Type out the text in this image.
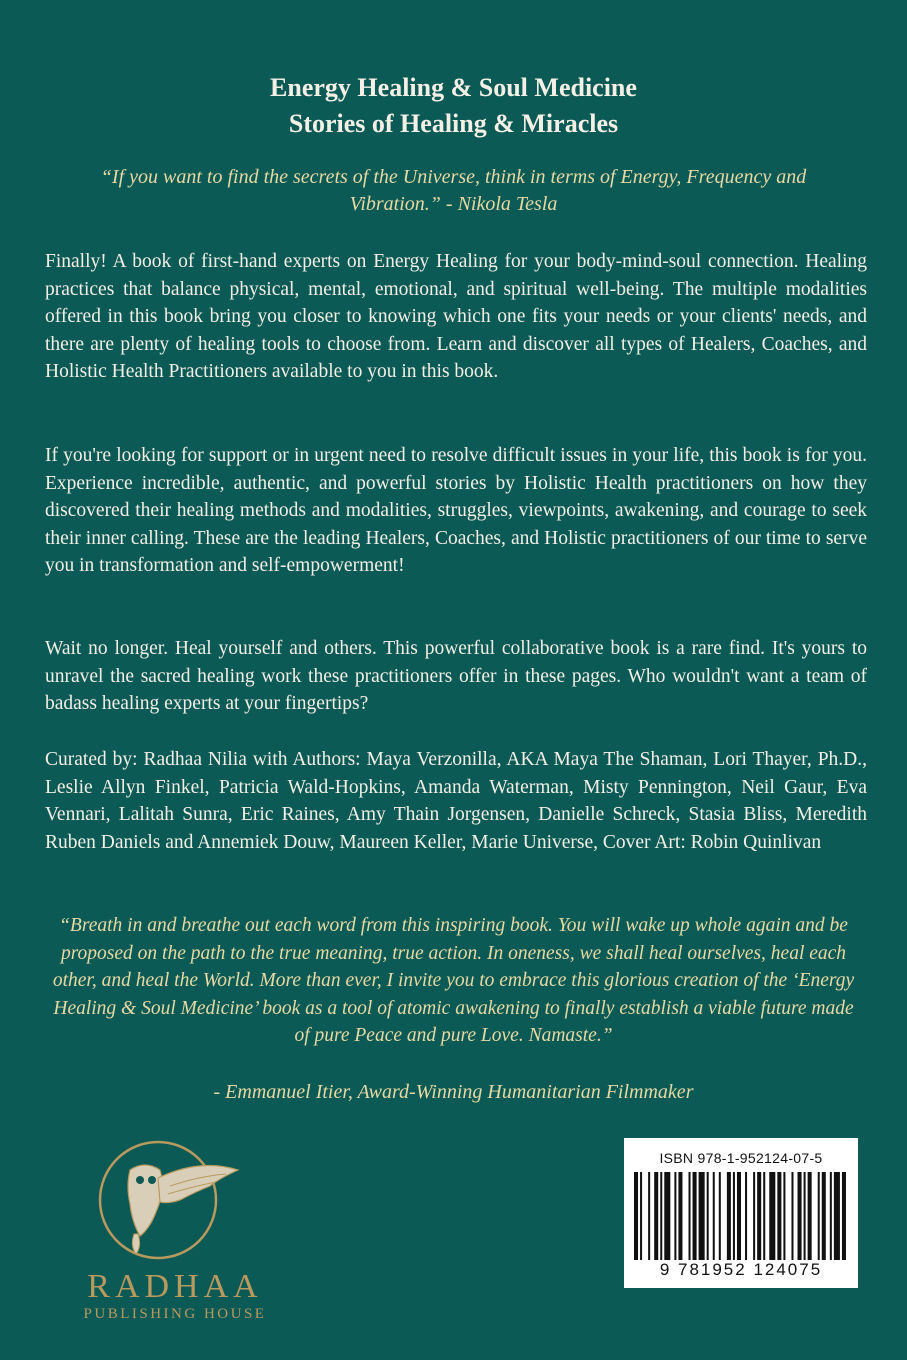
Energy Healing & Soul Medicine
Stories of Healing & Miracles
“If you want to find the secrets of the Universe, think in terms of Energy, Frequency and Vibration.” - Nikola Tesla
Finally! A book of first-hand experts on Energy Healing for your body-mind-soul connection. Healing practices that balance physical, mental, emotional, and spiritual well-being. The multiple modalities offered in this book bring you closer to knowing which one fits your needs or your clients' needs, and there are plenty of healing tools to choose from. Learn and discover all types of Healers, Coaches, and Holistic Health Practitioners available to you in this book.
If you're looking for support or in urgent need to resolve difficult issues in your life, this book is for you. Experience incredible, authentic, and powerful stories by Holistic Health practitioners on how they discovered their healing methods and modalities, struggles, viewpoints, awakening, and courage to seek their inner calling. These are the leading Healers, Coaches, and Holistic practitioners of our time to serve you in transformation and self-empowerment!
Wait no longer. Heal yourself and others. This powerful collaborative book is a rare find. It's yours to unravel the sacred healing work these practitioners offer in these pages. Who wouldn't want a team of badass healing experts at your fingertips?
Curated by: Radhaa Nilia with Authors: Maya Verzonilla, AKA Maya The Shaman, Lori Thayer, Ph.D., Leslie Allyn Finkel, Patricia Wald-Hopkins, Amanda Waterman, Misty Pennington, Neil Gaur, Eva Vennari, Lalitah Sunra, Eric Raines, Amy Thain Jorgensen, Danielle Schreck, Stasia Bliss, Meredith Ruben Daniels and Annemiek Douw, Maureen Keller, Marie Universe, Cover Art: Robin Quinlivan
“Breath in and breathe out each word from this inspiring book. You will wake up whole again and be proposed on the path to the true meaning, true action. In oneness, we shall heal ourselves, heal each other, and heal the World. More than ever, I invite you to embrace this glorious creation of the ‘Energy Healing & Soul Medicine’ book as a tool of atomic awakening to finally establish a viable future made of pure Peace and pure Love. Namaste.”
- Emmanuel Itier, Award-Winning Humanitarian Filmmaker
RADHAA
PUBLISHING HOUSE
ISBN 978-1-952124-07-5
9 781952 124075
